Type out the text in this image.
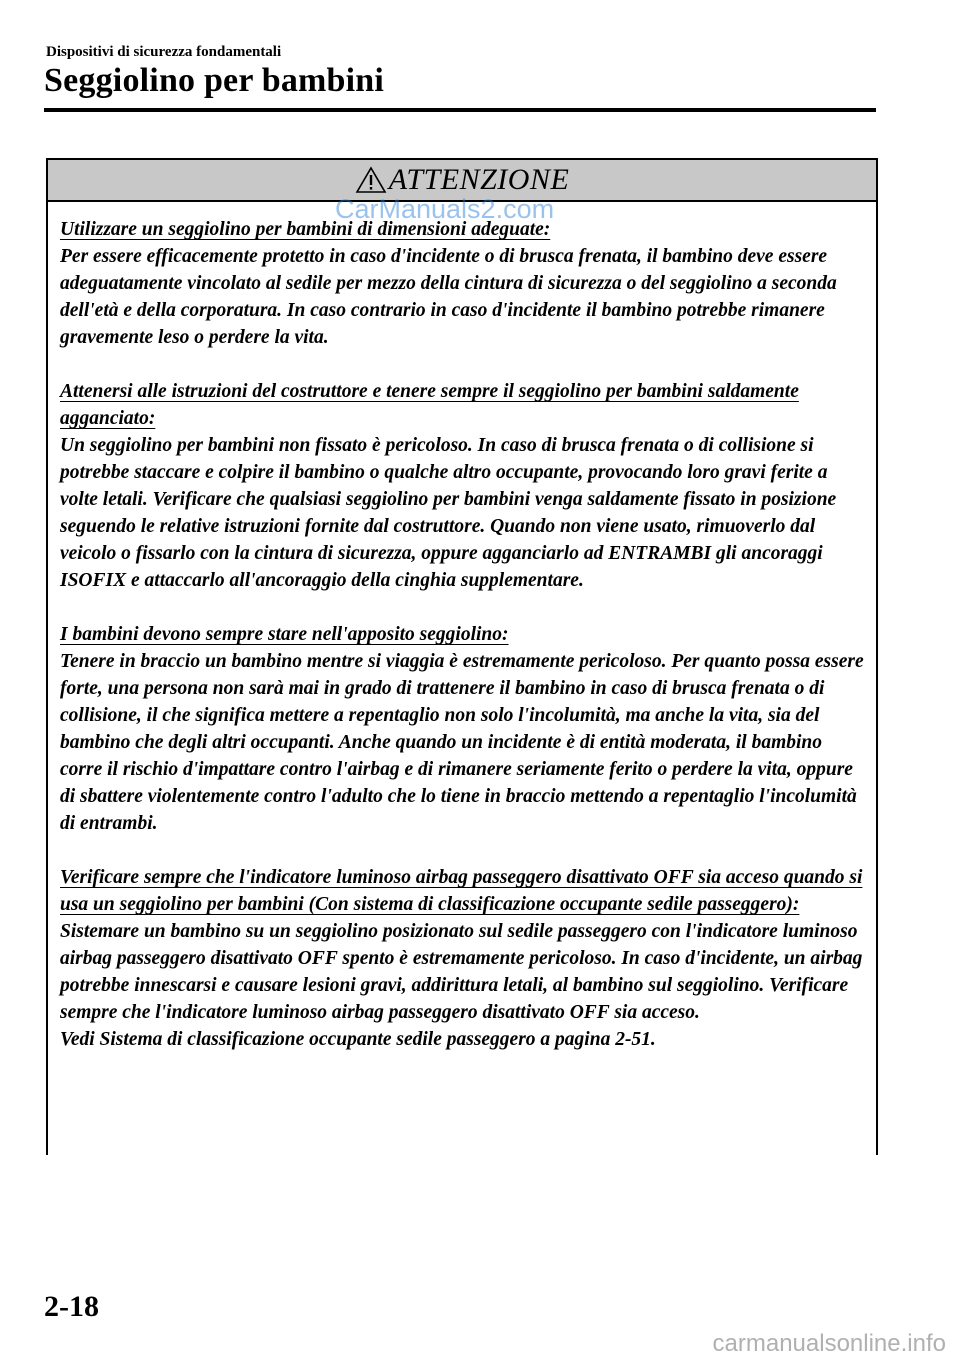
Dispositivi di sicurezza fondamentali
Seggiolino per bambini
ATTENZIONE
Utilizzare un seggiolino per bambini di dimensioni adeguate:
Per essere efficacemente protetto in caso d'incidente o di brusca frenata, il bambino deve essere adeguatamente vincolato al sedile per mezzo della cintura di sicurezza o del seggiolino a seconda dell'età e della corporatura. In caso contrario in caso d'incidente il bambino potrebbe rimanere gravemente leso o perdere la vita.
Attenersi alle istruzioni del costruttore e tenere sempre il seggiolino per bambini saldamente agganciato:
Un seggiolino per bambini non fissato è pericoloso. In caso di brusca frenata o di collisione si potrebbe staccare e colpire il bambino o qualche altro occupante, provocando loro gravi ferite a volte letali. Verificare che qualsiasi seggiolino per bambini venga saldamente fissato in posizione seguendo le relative istruzioni fornite dal costruttore. Quando non viene usato, rimuoverlo dal veicolo o fissarlo con la cintura di sicurezza, oppure agganciarlo ad ENTRAMBI gli ancoraggi ISOFIX e attaccarlo all'ancoraggio della cinghia supplementare.
I bambini devono sempre stare nell'apposito seggiolino:
Tenere in braccio un bambino mentre si viaggia è estremamente pericoloso. Per quanto possa essere forte, una persona non sarà mai in grado di trattenere il bambino in caso di brusca frenata o di collisione, il che significa mettere a repentaglio non solo l'incolumità, ma anche la vita, sia del bambino che degli altri occupanti. Anche quando un incidente è di entità moderata, il bambino corre il rischio d'impattare contro l'airbag e di rimanere seriamente ferito o perdere la vita, oppure di sbattere violentemente contro l'adulto che lo tiene in braccio mettendo a repentaglio l'incolumità di entrambi.
Verificare sempre che l'indicatore luminoso airbag passeggero disattivato OFF sia acceso quando si usa un seggiolino per bambini (Con sistema di classificazione occupante sedile passeggero):
Sistemare un bambino su un seggiolino posizionato sul sedile passeggero con l'indicatore luminoso airbag passeggero disattivato OFF spento è estremamente pericoloso. In caso d'incidente, un airbag potrebbe innescarsi e causare lesioni gravi, addirittura letali, al bambino sul seggiolino. Verificare sempre che l'indicatore luminoso airbag passeggero disattivato OFF sia acceso.
Vedi Sistema di classificazione occupante sedile passeggero a pagina 2-51.
CarManuals2.com
2-18
carmanualsonline.info
